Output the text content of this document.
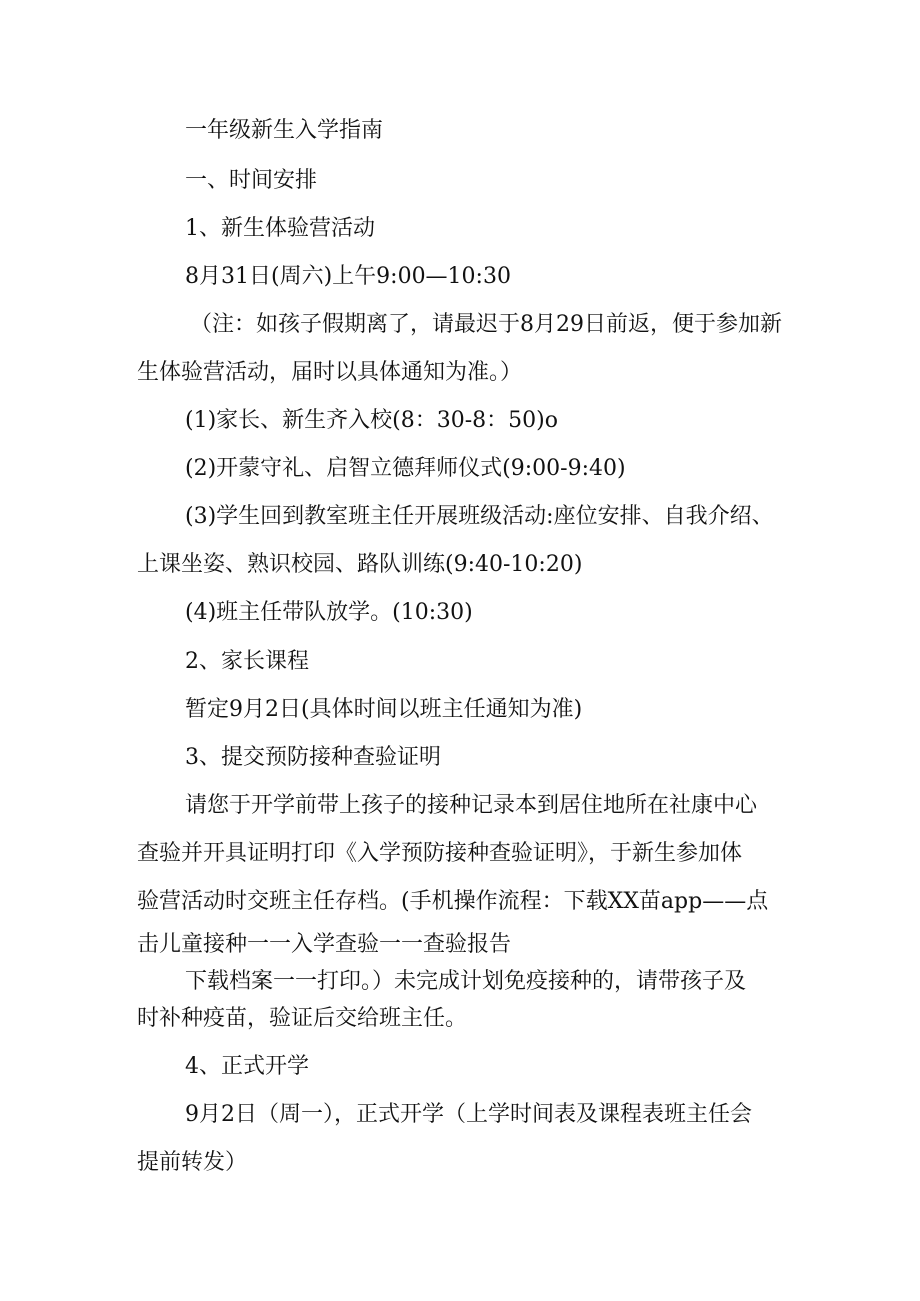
一年级新生入学指南

一、时间安排

1、新生体验营活动

8月31日(周六)上午9:00—10:30

（注：如孩子假期离了，请最迟于8月29日前返，便于参加新

生体验营活动，届时以具体通知为准。）

(1)家长、新生齐入校(8：30-8：50)o

(2)开蒙守礼、启智立德拜师仪式(9:00-9:40)

(3)学生回到教室班主任开展班级活动:座位安排、自我介绍、

上课坐姿、熟识校园、路队训练(9:40-10:20)

(4)班主任带队放学。(10:30)

2、家长课程

暂定9月2日(具体时间以班主任通知为准)

3、提交预防接种查验证明

请您于开学前带上孩子的接种记录本到居住地所在社康中心

查验并开具证明打印《入学预防接种查验证明》，于新生参加体

验营活动时交班主任存档。(手机操作流程：下载XX苗app——点

击儿童接种一一入学查验一一查验报告

下载档案一一打印。）未完成计划免疫接种的，请带孩子及

时补种疫苗，验证后交给班主任。

4、正式开学

9月2日（周一），正式开学（上学时间表及课程表班主任会

提前转发）
